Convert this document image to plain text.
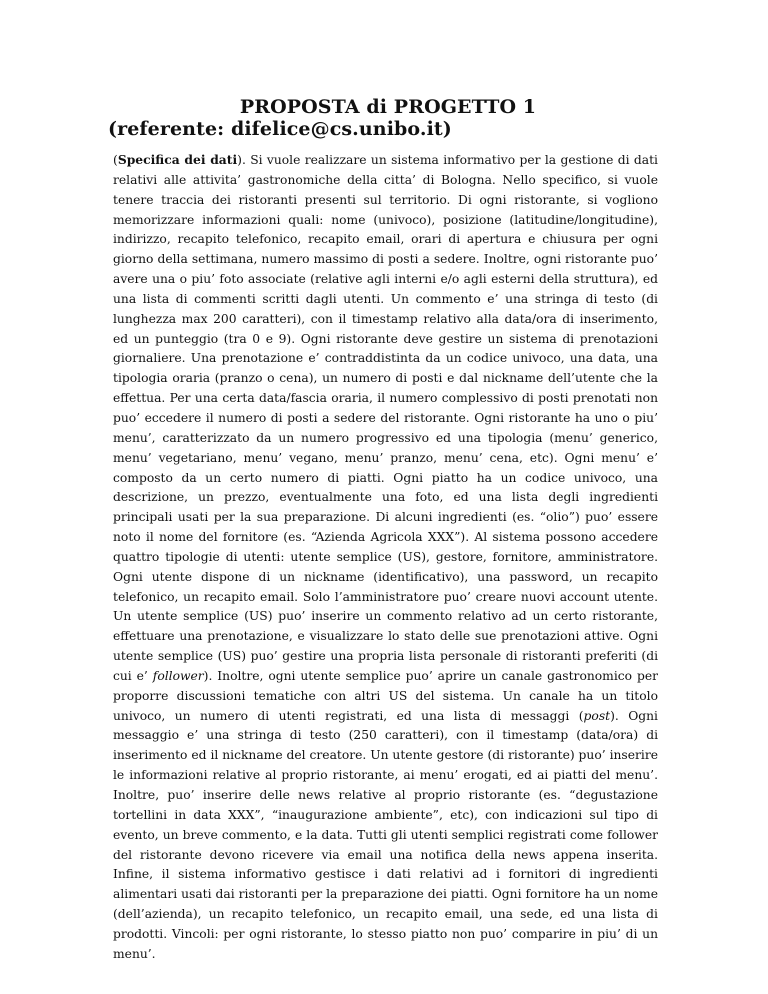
PROPOSTA di PROGETTO 1
(referente: difelice@cs.unibo.it)

(Specifica dei dati). Si vuole realizzare un sistema informativo per la gestione di dati relativi alle attivita’ gastronomiche della citta’ di Bologna. Nello specifico, si vuole tenere traccia dei ristoranti presenti sul territorio. Di ogni ristorante, si vogliono memorizzare informazioni quali: nome (univoco), posizione (latitudine/longitudine), indirizzo, recapito telefonico, recapito email, orari di apertura e chiusura per ogni giorno della settimana, numero massimo di posti a sedere. Inoltre, ogni ristorante puo’ avere una o piu’ foto associate (relative agli interni e/o agli esterni della struttura), ed una lista di commenti scritti dagli utenti. Un commento e’ una stringa di testo (di lunghezza max 200 caratteri), con il timestamp relativo alla data/ora di inserimento, ed un punteggio (tra 0 e 9). Ogni ristorante deve gestire un sistema di prenotazioni giornaliere. Una prenotazione e’ contraddistinta da un codice univoco, una data, una tipologia oraria (pranzo o cena), un numero di posti e dal nickname dell’utente che la effettua. Per una certa data/fascia oraria, il numero complessivo di posti prenotati non puo’ eccedere il numero di posti a sedere del ristorante. Ogni ristorante ha uno o piu’ menu’, caratterizzato da un numero progressivo ed una tipologia (menu’ generico, menu’ vegetariano, menu’ vegano, menu’ pranzo, menu’ cena, etc). Ogni menu’ e’ composto da un certo numero di piatti. Ogni piatto ha un codice univoco, una descrizione, un prezzo, eventualmente una foto, ed una lista degli ingredienti principali usati per la sua preparazione. Di alcuni ingredienti (es. “olio”) puo’ essere noto il nome del fornitore (es. “Azienda Agricola XXX”). Al sistema possono accedere quattro tipologie di utenti: utente semplice (US), gestore, fornitore, amministratore. Ogni utente dispone di un nickname (identificativo), una password, un recapito telefonico, un recapito email. Solo l’amministratore puo’ creare nuovi account utente. Un utente semplice (US) puo’ inserire un commento relativo ad un certo ristorante, effettuare una prenotazione, e visualizzare lo stato delle sue prenotazioni attive. Ogni utente semplice (US) puo’ gestire una propria lista personale di ristoranti preferiti (di cui e’ follower). Inoltre, ogni utente semplice puo’ aprire un canale gastronomico per proporre discussioni tematiche con altri US del sistema. Un canale ha un titolo univoco, un numero di utenti registrati, ed una lista di messaggi (post). Ogni messaggio e’ una stringa di testo (250 caratteri), con il timestamp (data/ora) di inserimento ed il nickname del creatore. Un utente gestore (di ristorante) puo’ inserire le informazioni relative al proprio ristorante, ai menu’ erogati, ed ai piatti del menu’. Inoltre, puo’ inserire delle news relative al proprio ristorante (es. “degustazione tortellini in data XXX”, “inaugurazione ambiente”, etc), con indicazioni sul tipo di evento, un breve commento, e la data. Tutti gli utenti semplici registrati come follower del ristorante devono ricevere via email una notifica della news appena inserita. Infine, il sistema informativo gestisce i dati relativi ad i fornitori di ingredienti alimentari usati dai ristoranti per la preparazione dei piatti. Ogni fornitore ha un nome (dell’azienda), un recapito telefonico, un recapito email, una sede, ed una lista di prodotti. Vincoli: per ogni ristorante, lo stesso piatto non puo’ comparire in piu’ di un menu’.
